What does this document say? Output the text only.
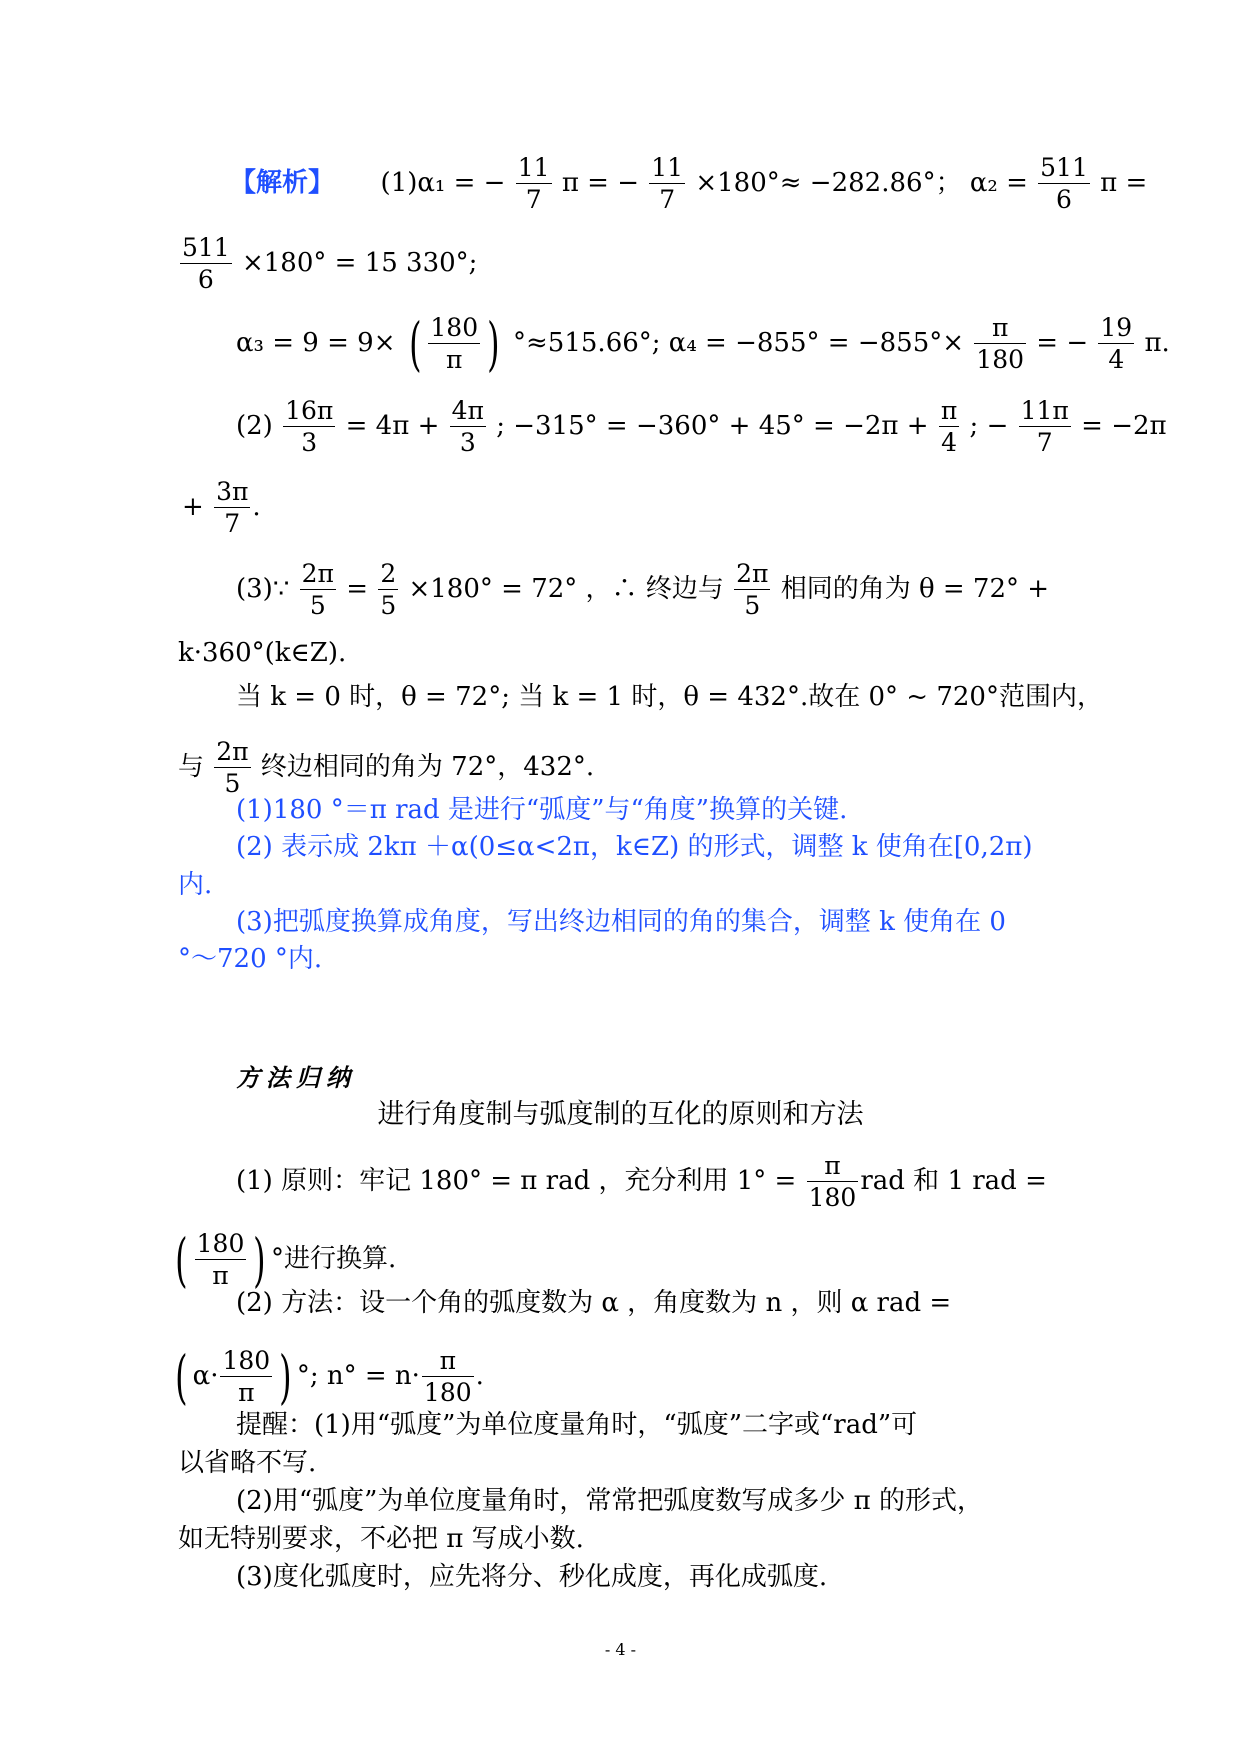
【解析】 (1)α₁ = − $\frac{11}{7}$ π = − $\frac{11}{7} \times 180^\circ\approx -282.86^\circ$； $\alpha_2 = \frac{511}{6}$ π =
$\frac{511}{6} \times 180^\circ = 15$ 330°;
α₃ = 9 = 9× ( $\frac{180}{\pi}$ ) °≈515.66°; $\alpha_4 = -855^\circ = -855^\circ\times \frac{\pi}{180}$ = − $\frac{19}{4} \pi$.
$(2) \frac{16\pi}{3} = 4\pi + \frac{4\pi}{3}$ ; $-315^\circ = -360^\circ + 45^\circ = -2\pi + \frac{\pi}{4}$ ; − $\frac{11\pi}{7} = -2\pi$
+ $\frac{3\pi}{7}$ .
(3)∵ $\frac{2\pi}{5} = \frac{2}{5} \times 180^\circ = 72^\circ$ ，∴ 终边与 $\frac{2\pi}{5}$ 相同的角为 θ = 72° +
k·360°(k∈Z).
当 k = 0 时，θ = 72°; 当 k = 1 时，θ = 432°.故在 0° ~ 720°范围内，
与 $\frac{2\pi}{5}$ 终边相同的角为 72°，432°.
(1)180 °＝π rad 是进行“弧度”与“角度”换算的关键.
(2) 表示成 2kπ ＋α(0≤α<2π，k∈Z) 的形式，调整 k 使角在[0,2π)
内.
(3)把弧度换算成角度，写出终边相同的角的集合，调整 k 使角在 0
°～720 °内.
方法归纳
进行角度制与弧度制的互化的原则和方法
(1) 原则：牢记 180° = π rad ，充分利用 $1^\circ = \frac{\pi}{180}$ rad 和 1 rad =
( $\frac{180}{\pi}$ ) °进行换算.
(2) 方法：设一个角的弧度数为 α ，角度数为 n ，则 α rad =
( $\alpha\cdot \frac{180}{\pi}$ ) °; $n^\circ = n\cdot \frac{\pi}{180}$ .
提醒：(1)用“弧度”为单位度量角时，“弧度”二字或“rad”可
以省略不写.
(2)用“弧度”为单位度量角时，常常把弧度数写成多少 π 的形式，
如无特别要求，不必把 π 写成小数.
(3)度化弧度时，应先将分、秒化成度，再化成弧度.
- 4 -
